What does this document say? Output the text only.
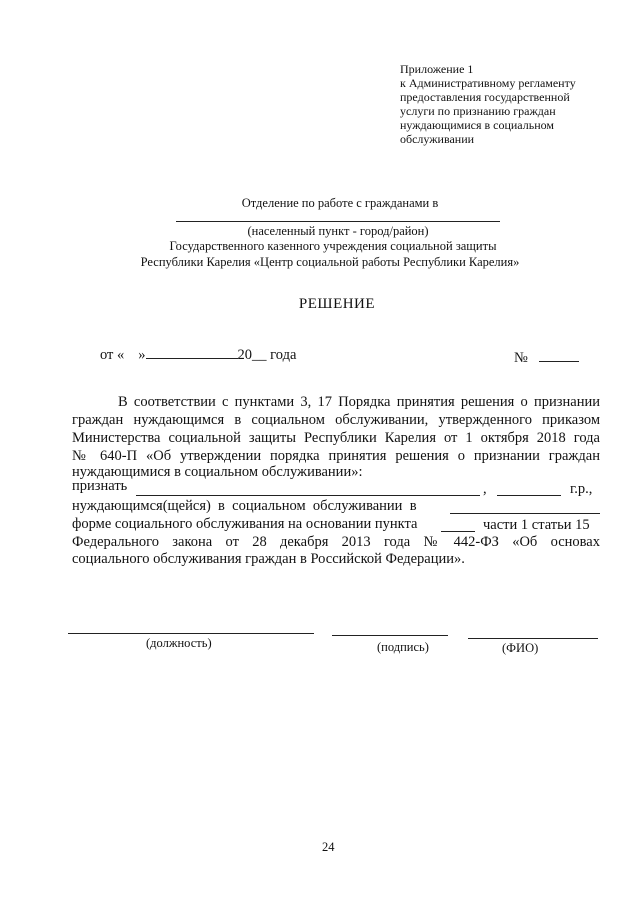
Приложение 1
к Административному регламенту
предоставления государственной
услуги по признанию граждан
нуждающимися в социальном
обслуживании
Отделение по работе с гражданами в
(населенный пункт - город/район)
Государственного казенного учреждения социальной защиты
Республики Карелия «Центр социальной работы Республики Карелия»
РЕШЕНИЕ
от « »	20__ года	№
В соответствии с пунктами 3, 17 Порядка принятия решения о признании
граждан нуждающимся в социальном обслуживании, утвержденного приказом
Министерства социальной защиты Республики Карелия от 1 октября 2018 года
№ 640-П «Об утверждении порядка принятия решения о признании граждан
нуждающимися в социальном обслуживании»:
признать	,	г.р.,
нуждающимся(щейся)  в  социальном  обслуживании  в
форме социального обслуживания на основании пункта	части 1 статьи 15
Федерального  закона  от  28  декабря  2013  года  №  442-ФЗ  «Об  основах
социального обслуживания граждан в Российской Федерации».
(должность)	(подпись)	(ФИО)
24
